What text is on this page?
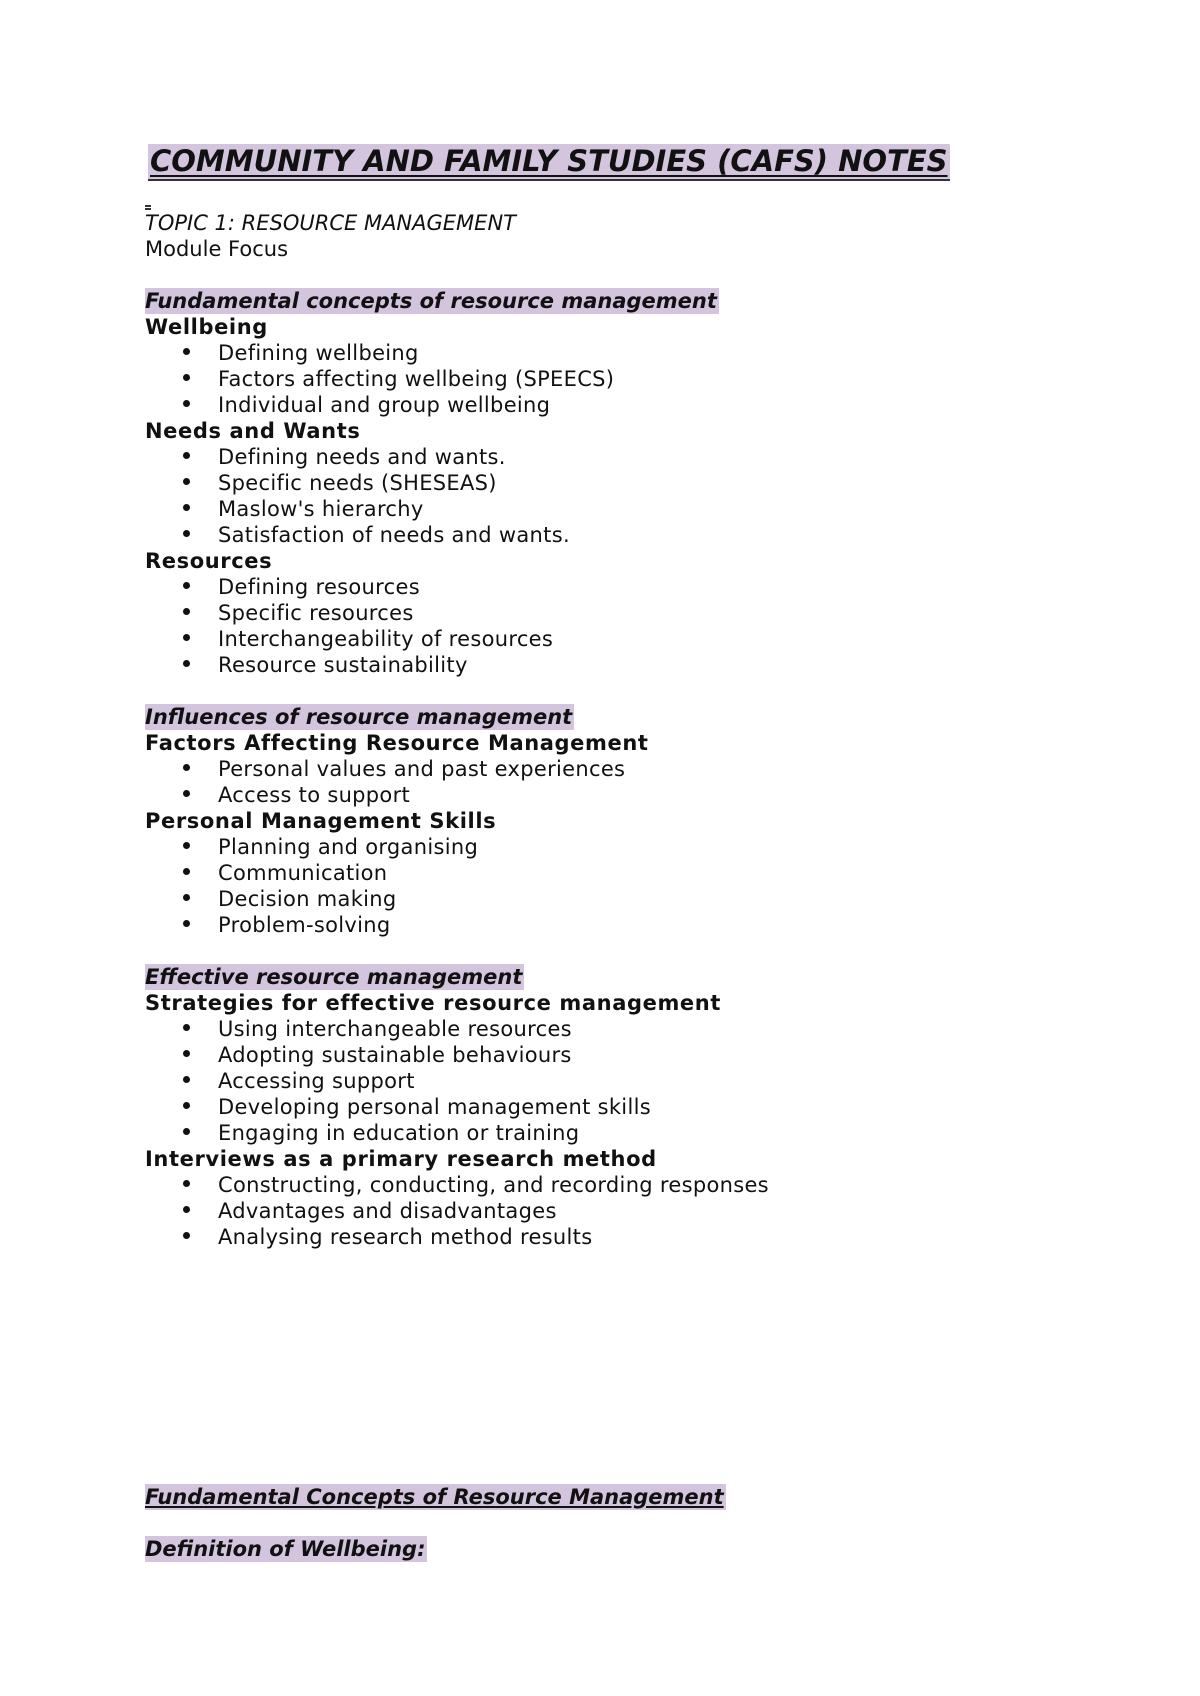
COMMUNITY AND FAMILY STUDIES (CAFS) NOTES
TOPIC 1: RESOURCE MANAGEMENT
Module Focus
Fundamental concepts of resource management
Wellbeing
Defining wellbeing
Factors affecting wellbeing (SPEECS)
Individual and group wellbeing
Needs and Wants
Defining needs and wants.
Specific needs (SHESEAS)
Maslow's hierarchy
Satisfaction of needs and wants.
Resources
Defining resources
Specific resources
Interchangeability of resources
Resource sustainability
Influences of resource management
Factors Affecting Resource Management
Personal values and past experiences
Access to support
Personal Management Skills
Planning and organising
Communication
Decision making
Problem-solving
Effective resource management
Strategies for effective resource management
Using interchangeable resources
Adopting sustainable behaviours
Accessing support
Developing personal management skills
Engaging in education or training
Interviews as a primary research method
Constructing, conducting, and recording responses
Advantages and disadvantages
Analysing research method results
Fundamental Concepts of Resource Management
Definition of Wellbeing:
